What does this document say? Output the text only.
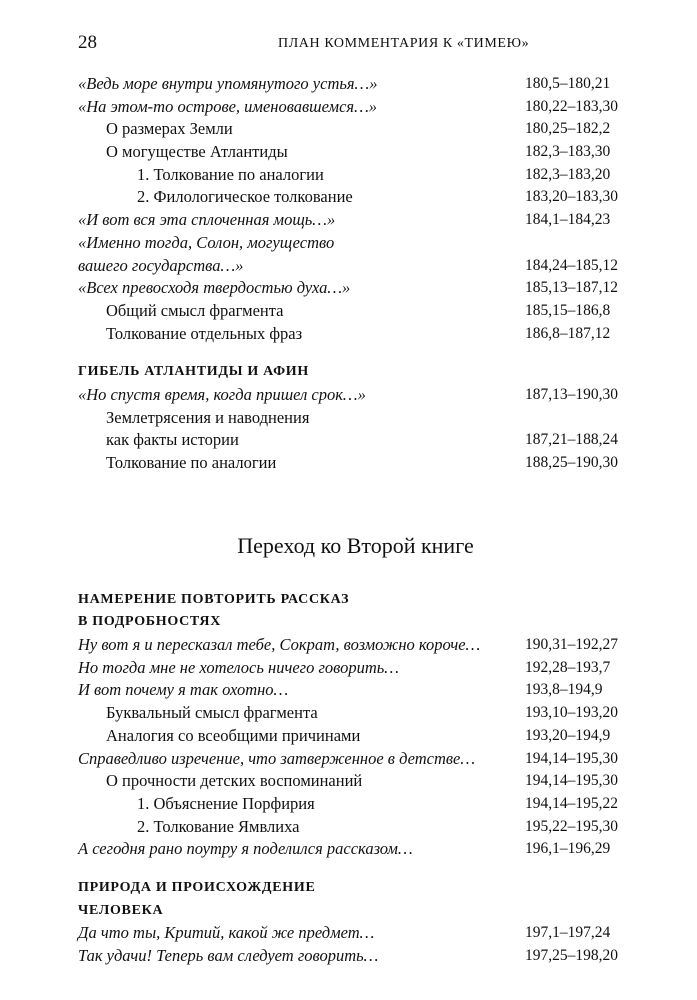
28	ПЛАН КОММЕНТАРИЯ К «ТИМЕЮ»
«Ведь море внутри упомянутого устья…»	180,5–180,21
«На этом-то острове, именовавшемся…»	180,22–183,30
О размерах Земли	180,25–182,2
О могуществе Атлантиды	182,3–183,30
1. Толкование по аналогии	182,3–183,20
2. Филологическое толкование	183,20–183,30
«И вот вся эта сплоченная мощь…»	184,1–184,23
«Именно тогда, Солон, могущество
вашего государства…»	184,24–185,12
«Всех превосходя твердостью духа…»	185,13–187,12
Общий смысл фрагмента	185,15–186,8
Толкование отдельных фраз	186,8–187,12
ГИБЕЛЬ АТЛАНТИДЫ И АФИН
«Но спустя время, когда пришел срок…»	187,13–190,30
Землетрясения и наводнения
как факты истории	187,21–188,24
Толкование по аналогии	188,25–190,30
Переход ко Второй книге
НАМЕРЕНИЕ ПОВТОРИТЬ РАССКАЗ
В ПОДРОБНОСТЯХ
Ну вот я и пересказал тебе, Сократ, возможно короче…	190,31–192,27
Но тогда мне не хотелось ничего говорить…	192,28–193,7
И вот почему я так охотно…	193,8–194,9
Буквальный смысл фрагмента	193,10–193,20
Аналогия со всеобщими причинами	193,20–194,9
Справедливо изречение, что затверженное в детстве…	194,14–195,30
О прочности детских воспоминаний	194,14–195,30
1. Объяснение Порфирия	194,14–195,22
2. Толкование Ямвлиха	195,22–195,30
А сегодня рано поутру я поделился рассказом…	196,1–196,29
ПРИРОДА И ПРОИСХОЖДЕНИЕ
ЧЕЛОВЕКА
Да что ты, Критий, какой же предмет…	197,1–197,24
Так удачи! Теперь вам следует говорить…	197,25–198,20
